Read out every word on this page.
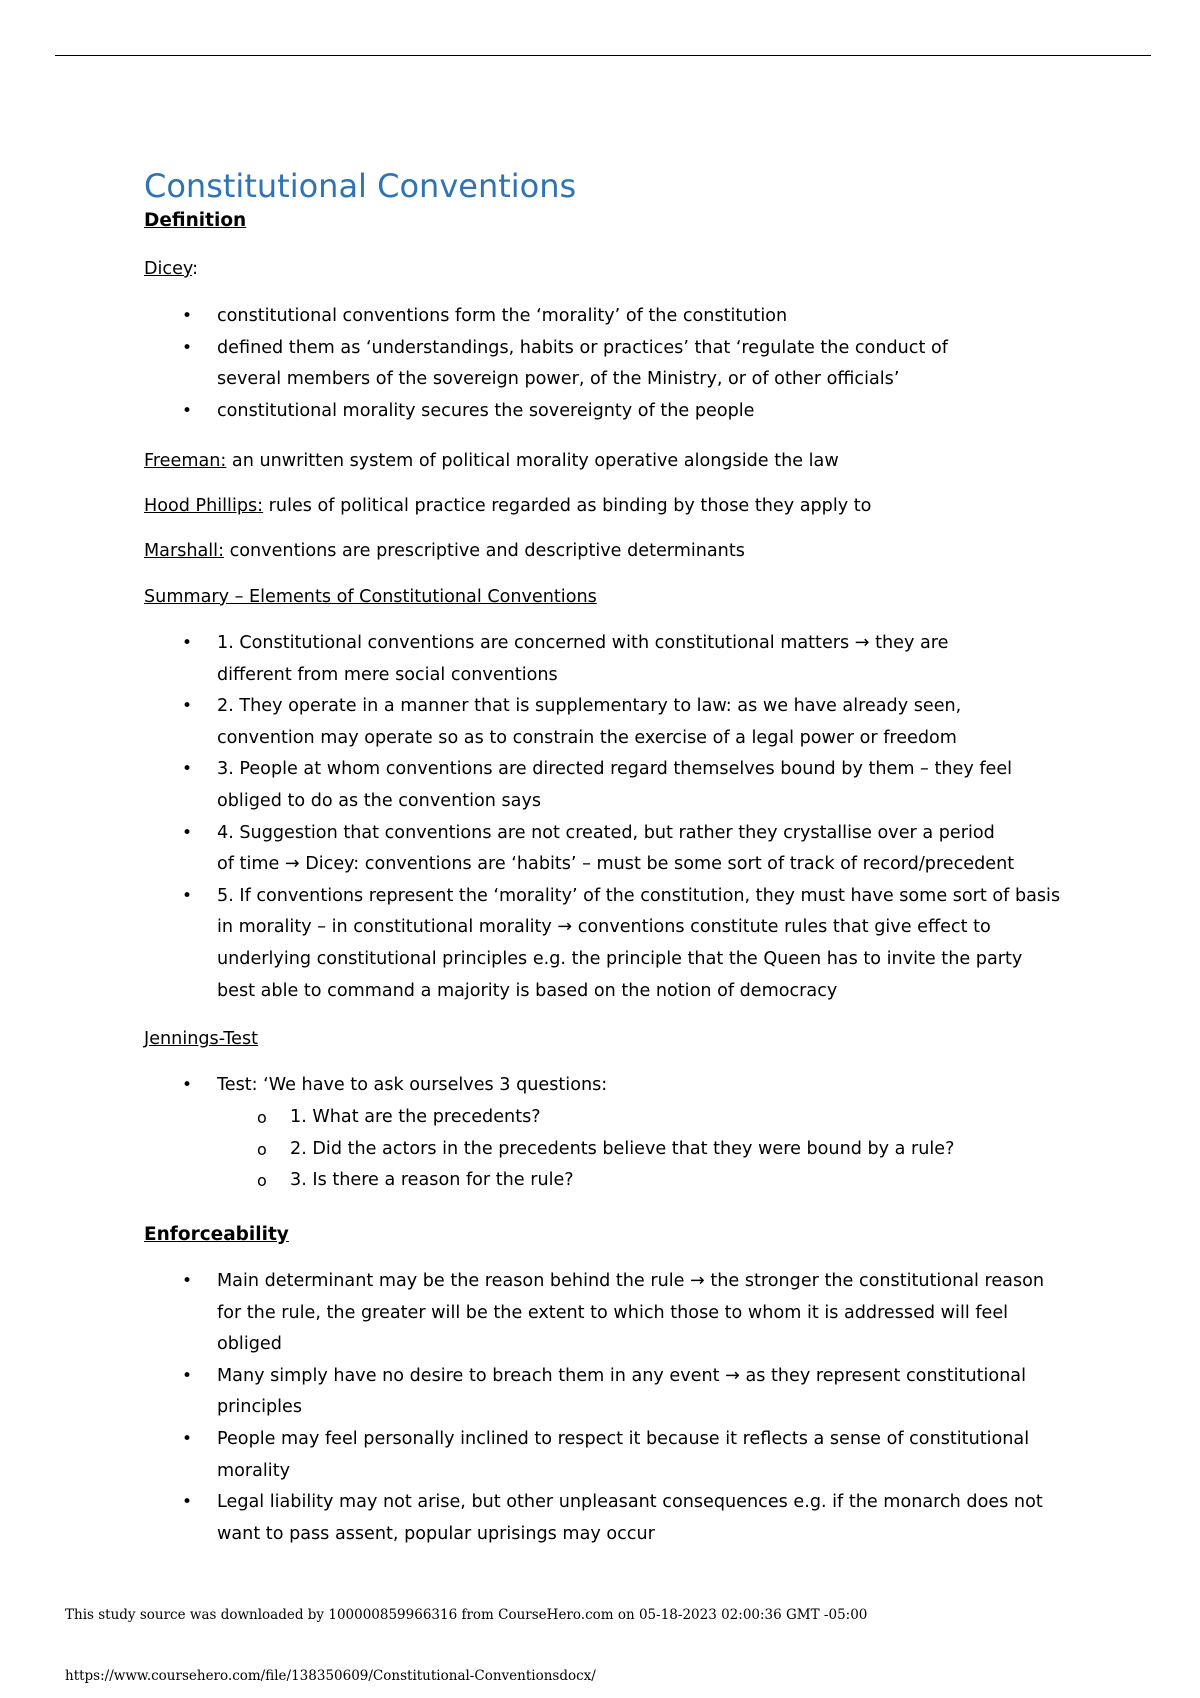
Constitutional Conventions
Definition
Dicey:
• constitutional conventions form the ‘morality’ of the constitution
• defined them as ‘understandings, habits or practices’ that ‘regulate the conduct of several members of the sovereign power, of the Ministry, or of other officials’
• constitutional morality secures the sovereignty of the people
Freeman: an unwritten system of political morality operative alongside the law
Hood Phillips: rules of political practice regarded as binding by those they apply to
Marshall: conventions are prescriptive and descriptive determinants
Summary – Elements of Constitutional Conventions
• 1. Constitutional conventions are concerned with constitutional matters → they are different from mere social conventions
• 2. They operate in a manner that is supplementary to law: as we have already seen, convention may operate so as to constrain the exercise of a legal power or freedom
• 3. People at whom conventions are directed regard themselves bound by them – they feel obliged to do as the convention says
• 4. Suggestion that conventions are not created, but rather they crystallise over a period of time → Dicey: conventions are ‘habits’ – must be some sort of track of record/precedent
• 5. If conventions represent the ‘morality’ of the constitution, they must have some sort of basis in morality – in constitutional morality → conventions constitute rules that give effect to underlying constitutional principles e.g. the principle that the Queen has to invite the party best able to command a majority is based on the notion of democracy
Jennings-Test
• Test: ‘We have to ask ourselves 3 questions:
o 1. What are the precedents?
o 2. Did the actors in the precedents believe that they were bound by a rule?
o 3. Is there a reason for the rule?
Enforceability
• Main determinant may be the reason behind the rule → the stronger the constitutional reason for the rule, the greater will be the extent to which those to whom it is addressed will feel obliged
• Many simply have no desire to breach them in any event → as they represent constitutional principles
• People may feel personally inclined to respect it because it reflects a sense of constitutional morality
• Legal liability may not arise, but other unpleasant consequences e.g. if the monarch does not want to pass assent, popular uprisings may occur
This study source was downloaded by 100000859966316 from CourseHero.com on 05-18-2023 02:00:36 GMT -05:00
https://www.coursehero.com/file/138350609/Constitutional-Conventionsdocx/
